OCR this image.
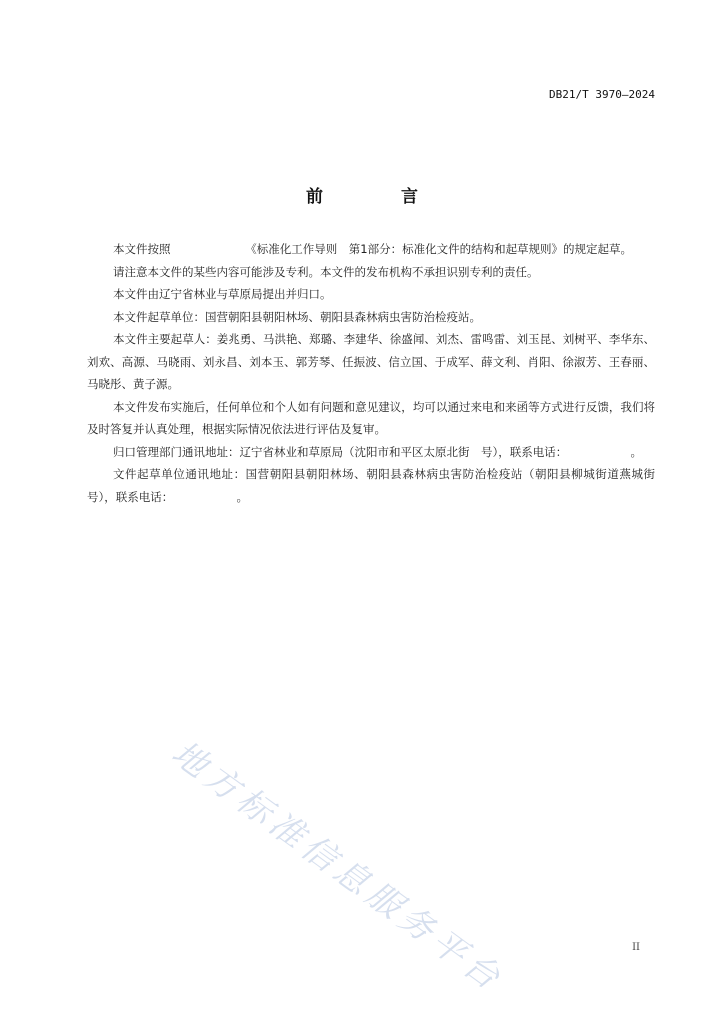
DB21/T 3970—2024
前 言

本文件按照　　　　　　　《标准化工作导则　第1部分：标准化文件的结构和起草规则》的规定起草。

请注意本文件的某些内容可能涉及专利。本文件的发布机构不承担识别专利的责任。

本文件由辽宁省林业与草原局提出并归口。

本文件起草单位：国营朝阳县朝阳林场、朝阳县森林病虫害防治检疫站。

本文件主要起草人：姜兆勇、马洪艳、郑璐、李建华、徐盛闻、刘杰、雷鸣雷、刘玉昆、刘树平、李华东、刘欢、高源、马晓雨、刘永昌、刘本玉、郭芳琴、任振波、信立国、于成军、薛文利、肖阳、徐淑芳、王春丽、马晓彤、黄子源。

本文件发布实施后，任何单位和个人如有问题和意见建议，均可以通过来电和来函等方式进行反馈，我们将及时答复并认真处理，根据实际情况依法进行评估及复审。

归口管理部门通讯地址：辽宁省林业和草原局（沈阳市和平区太原北街　号），联系电话：　　　　　　。

文件起草单位通讯地址：国营朝阳县朝阳林场、朝阳县森林病虫害防治检疫站（朝阳县柳城街道燕城街　号），联系电话：　　　　　　。

地方标准信息服务平台	II
